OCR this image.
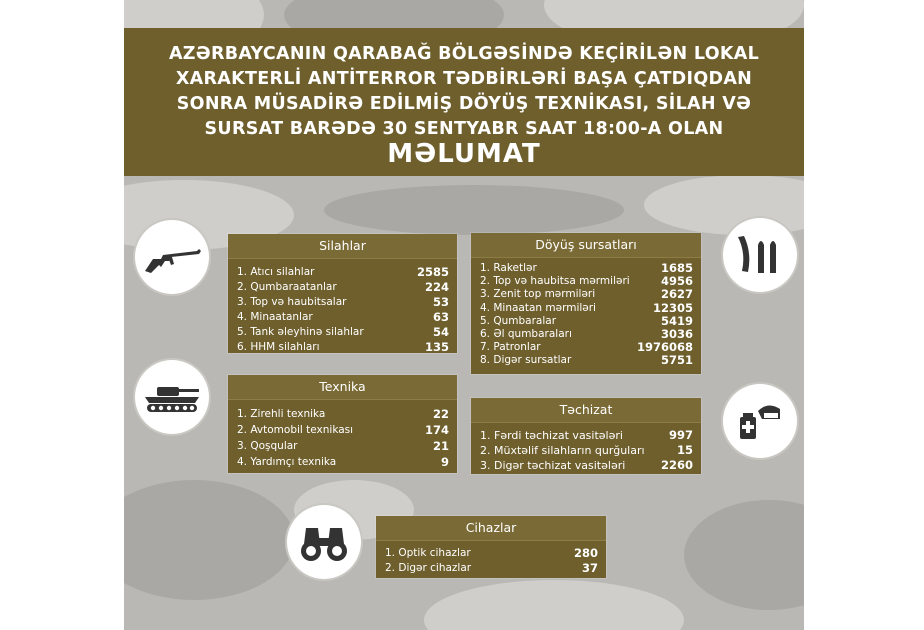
AZƏRBAYCANIN QARABAĞ BÖLGƏSİNDƏ KEÇİRİLƏN LOKAL
XARAKTERLİ ANTİTERROR TƏDBİRLƏRİ BAŞA ÇATDIQDAN
SONRA MÜSADİRƏ EDİLMİŞ DÖYÜŞ TEXNİKASI, SİLAH VƏ
SURSAT BARƏDƏ 30 SENTYABR SAAT 18:00-A OLAN
MƏLUMAT
Silahlar
1. Atıcı silahlar	2585
2. Qumbaraatanlar	224
3. Top və haubitsalar	53
4. Minaatanlar	63
5. Tank əleyhinə silahlar	54
6. HHM silahları	135
Döyüş sursatları
1. Raketlər	1685
2. Top və haubitsa mərmiləri	4956
3. Zenit top mərmiləri	2627
4. Minaatan mərmiləri	12305
5. Qumbaralar	5419
6. Əl qumbaraları	3036
7. Patronlar	1976068
8. Digər sursatlar	5751
Texnika
1. Zirehli texnika	22
2. Avtomobil texnikası	174
3. Qoşqular	21
4. Yardımçı texnika	9
Təchizat
1. Fərdi təchizat vasitələri	997
2. Müxtəlif silahların qurğuları	15
3. Digər təchizat vasitələri	2260
Cihazlar
1. Optik cihazlar	280
2. Digər cihazlar	37
